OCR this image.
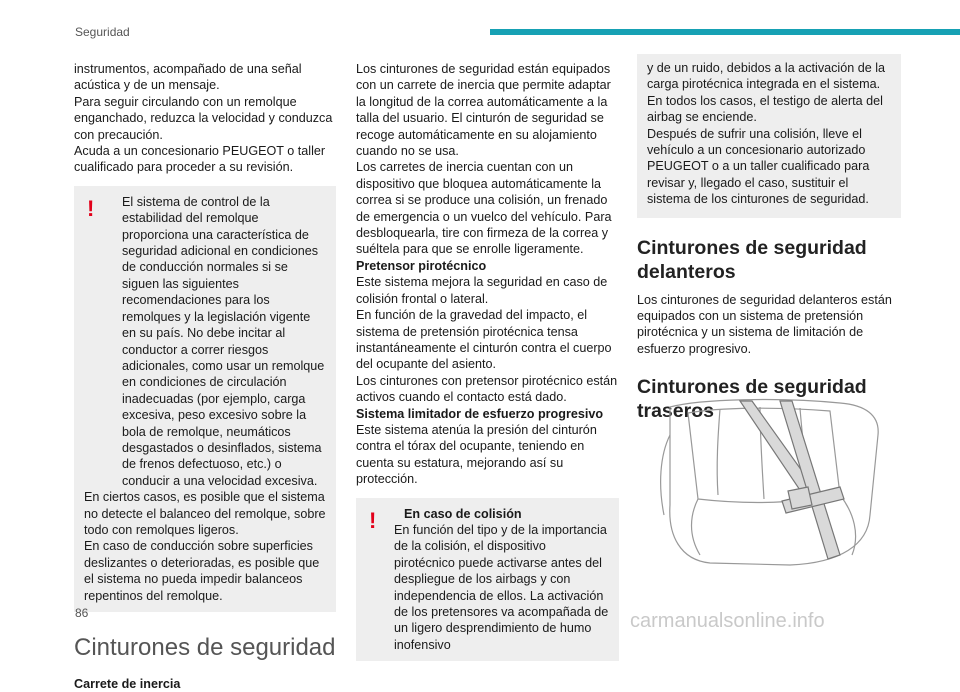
Seguridad

instrumentos, acompañado de una señal acústica y de un mensaje.

Para seguir circulando con un remolque enganchado, reduzca la velocidad y conduzca con precaución.

Acuda a un concesionario PEUGEOT o taller cualificado para proceder a su revisión.

!	El sistema de control de la estabilidad del remolque proporciona una característica de seguridad adicional en condiciones de conducción normales si se siguen las siguientes recomendaciones para los remolques y la legislación vigente en su país. No debe incitar al conductor a correr riesgos adicionales, como usar un remolque en condiciones de circulación inadecuadas (por ejemplo, carga excesiva, peso excesivo sobre la bola de remolque, neumáticos desgastados o desinflados, sistema de frenos defectuoso, etc.) o conducir a una velocidad excesiva.

En ciertos casos, es posible que el sistema no detecte el balanceo del remolque, sobre todo con remolques ligeros.

En caso de conducción sobre superficies deslizantes o deterioradas, es posible que el sistema no pueda impedir balanceos repentinos del remolque.

Cinturones de seguridad

Carrete de inercia

Los cinturones de seguridad están equipados con un carrete de inercia que permite adaptar la longitud de la correa automáticamente a la talla del usuario. El cinturón de seguridad se recoge automáticamente en su alojamiento cuando no se usa.

Los carretes de inercia cuentan con un dispositivo que bloquea automáticamente la correa si se produce una colisión, un frenado de emergencia o un vuelco del vehículo. Para desbloquearla, tire con firmeza de la correa y suéltela para que se enrolle ligeramente.

Pretensor pirotécnico

Este sistema mejora la seguridad en caso de colisión frontal o lateral.

En función de la gravedad del impacto, el sistema de pretensión pirotécnica tensa instantáneamente el cinturón contra el cuerpo del ocupante del asiento.

Los cinturones con pretensor pirotécnico están activos cuando el contacto está dado.

Sistema limitador de esfuerzo progresivo

Este sistema atenúa la presión del cinturón contra el tórax del ocupante, teniendo en cuenta su estatura, mejorando así su protección.

!	En caso de colisión

En función del tipo y de la importancia de la colisión, el dispositivo pirotécnico puede activarse antes del despliegue de los airbags y con independencia de ellos. La activación de los pretensores va acompañada de un ligero desprendimiento de humo inofensivo

y de un ruido, debidos a la activación de la carga pirotécnica integrada en el sistema.

En todos los casos, el testigo de alerta del airbag se enciende.

Después de sufrir una colisión, lleve el vehículo a un concesionario autorizado PEUGEOT o a un taller cualificado para revisar y, llegado el caso, sustituir el sistema de los cinturones de seguridad.

Cinturones de seguridad delanteros

Los cinturones de seguridad delanteros están equipados con un sistema de pretensión pirotécnica y un sistema de limitación de esfuerzo progresivo.

Cinturones de seguridad traseros
86	carmanualsonline.info
